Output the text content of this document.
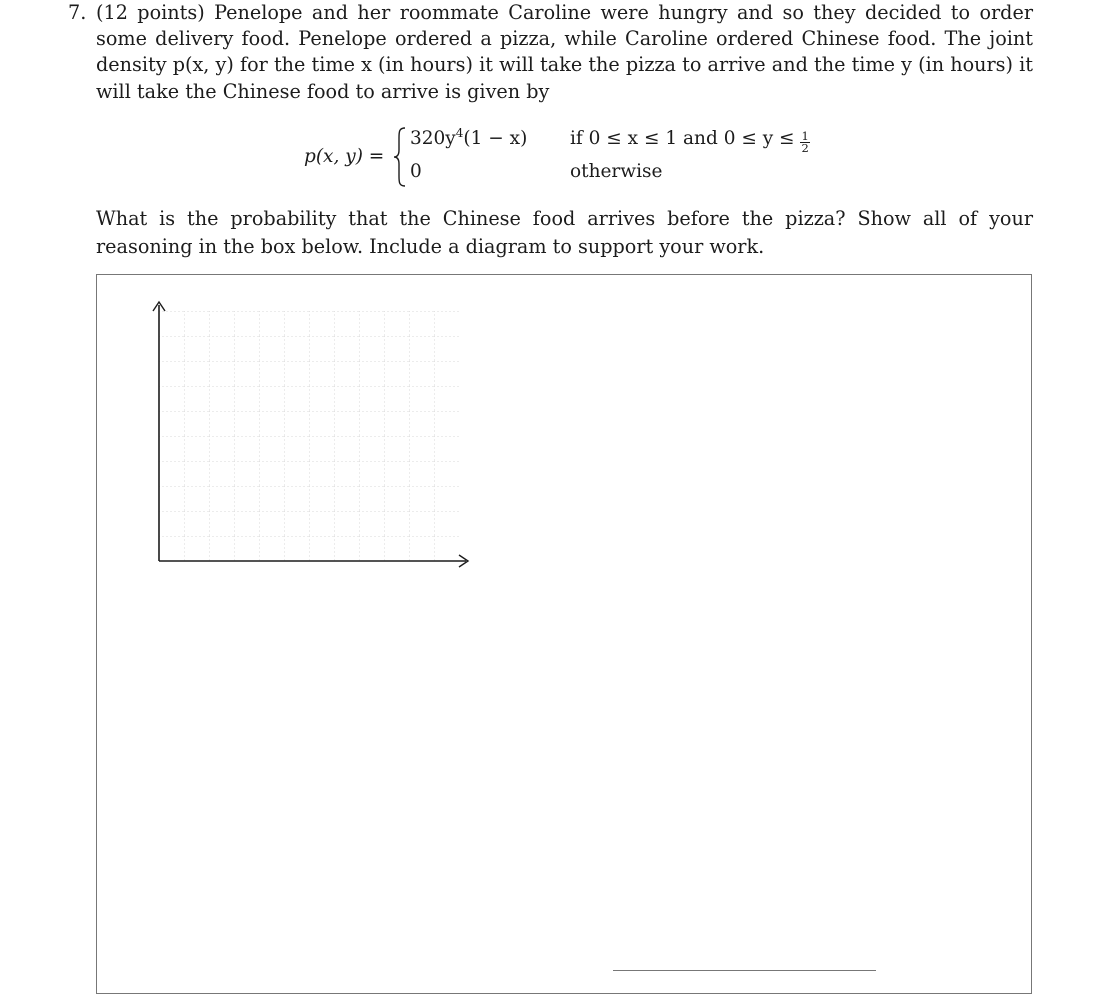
7. (12 points) Penelope and her roommate Caroline were hungry and so they decided to order some delivery food. Penelope ordered a pizza, while Caroline ordered Chinese food. The joint density p(x, y) for the time x (in hours) it will take the pizza to arrive and the time y (in hours) it will take the Chinese food to arrive is given by

p(x, y) =
$320y^4(1 - x)$ if 0 ≤ x ≤ 1 and $0 \le y \le \frac{1}{2}$
0	otherwise
What is the probability that the Chinese food arrives before the pizza? Show all of your reasoning in the box below. Include a diagram to support your work.
